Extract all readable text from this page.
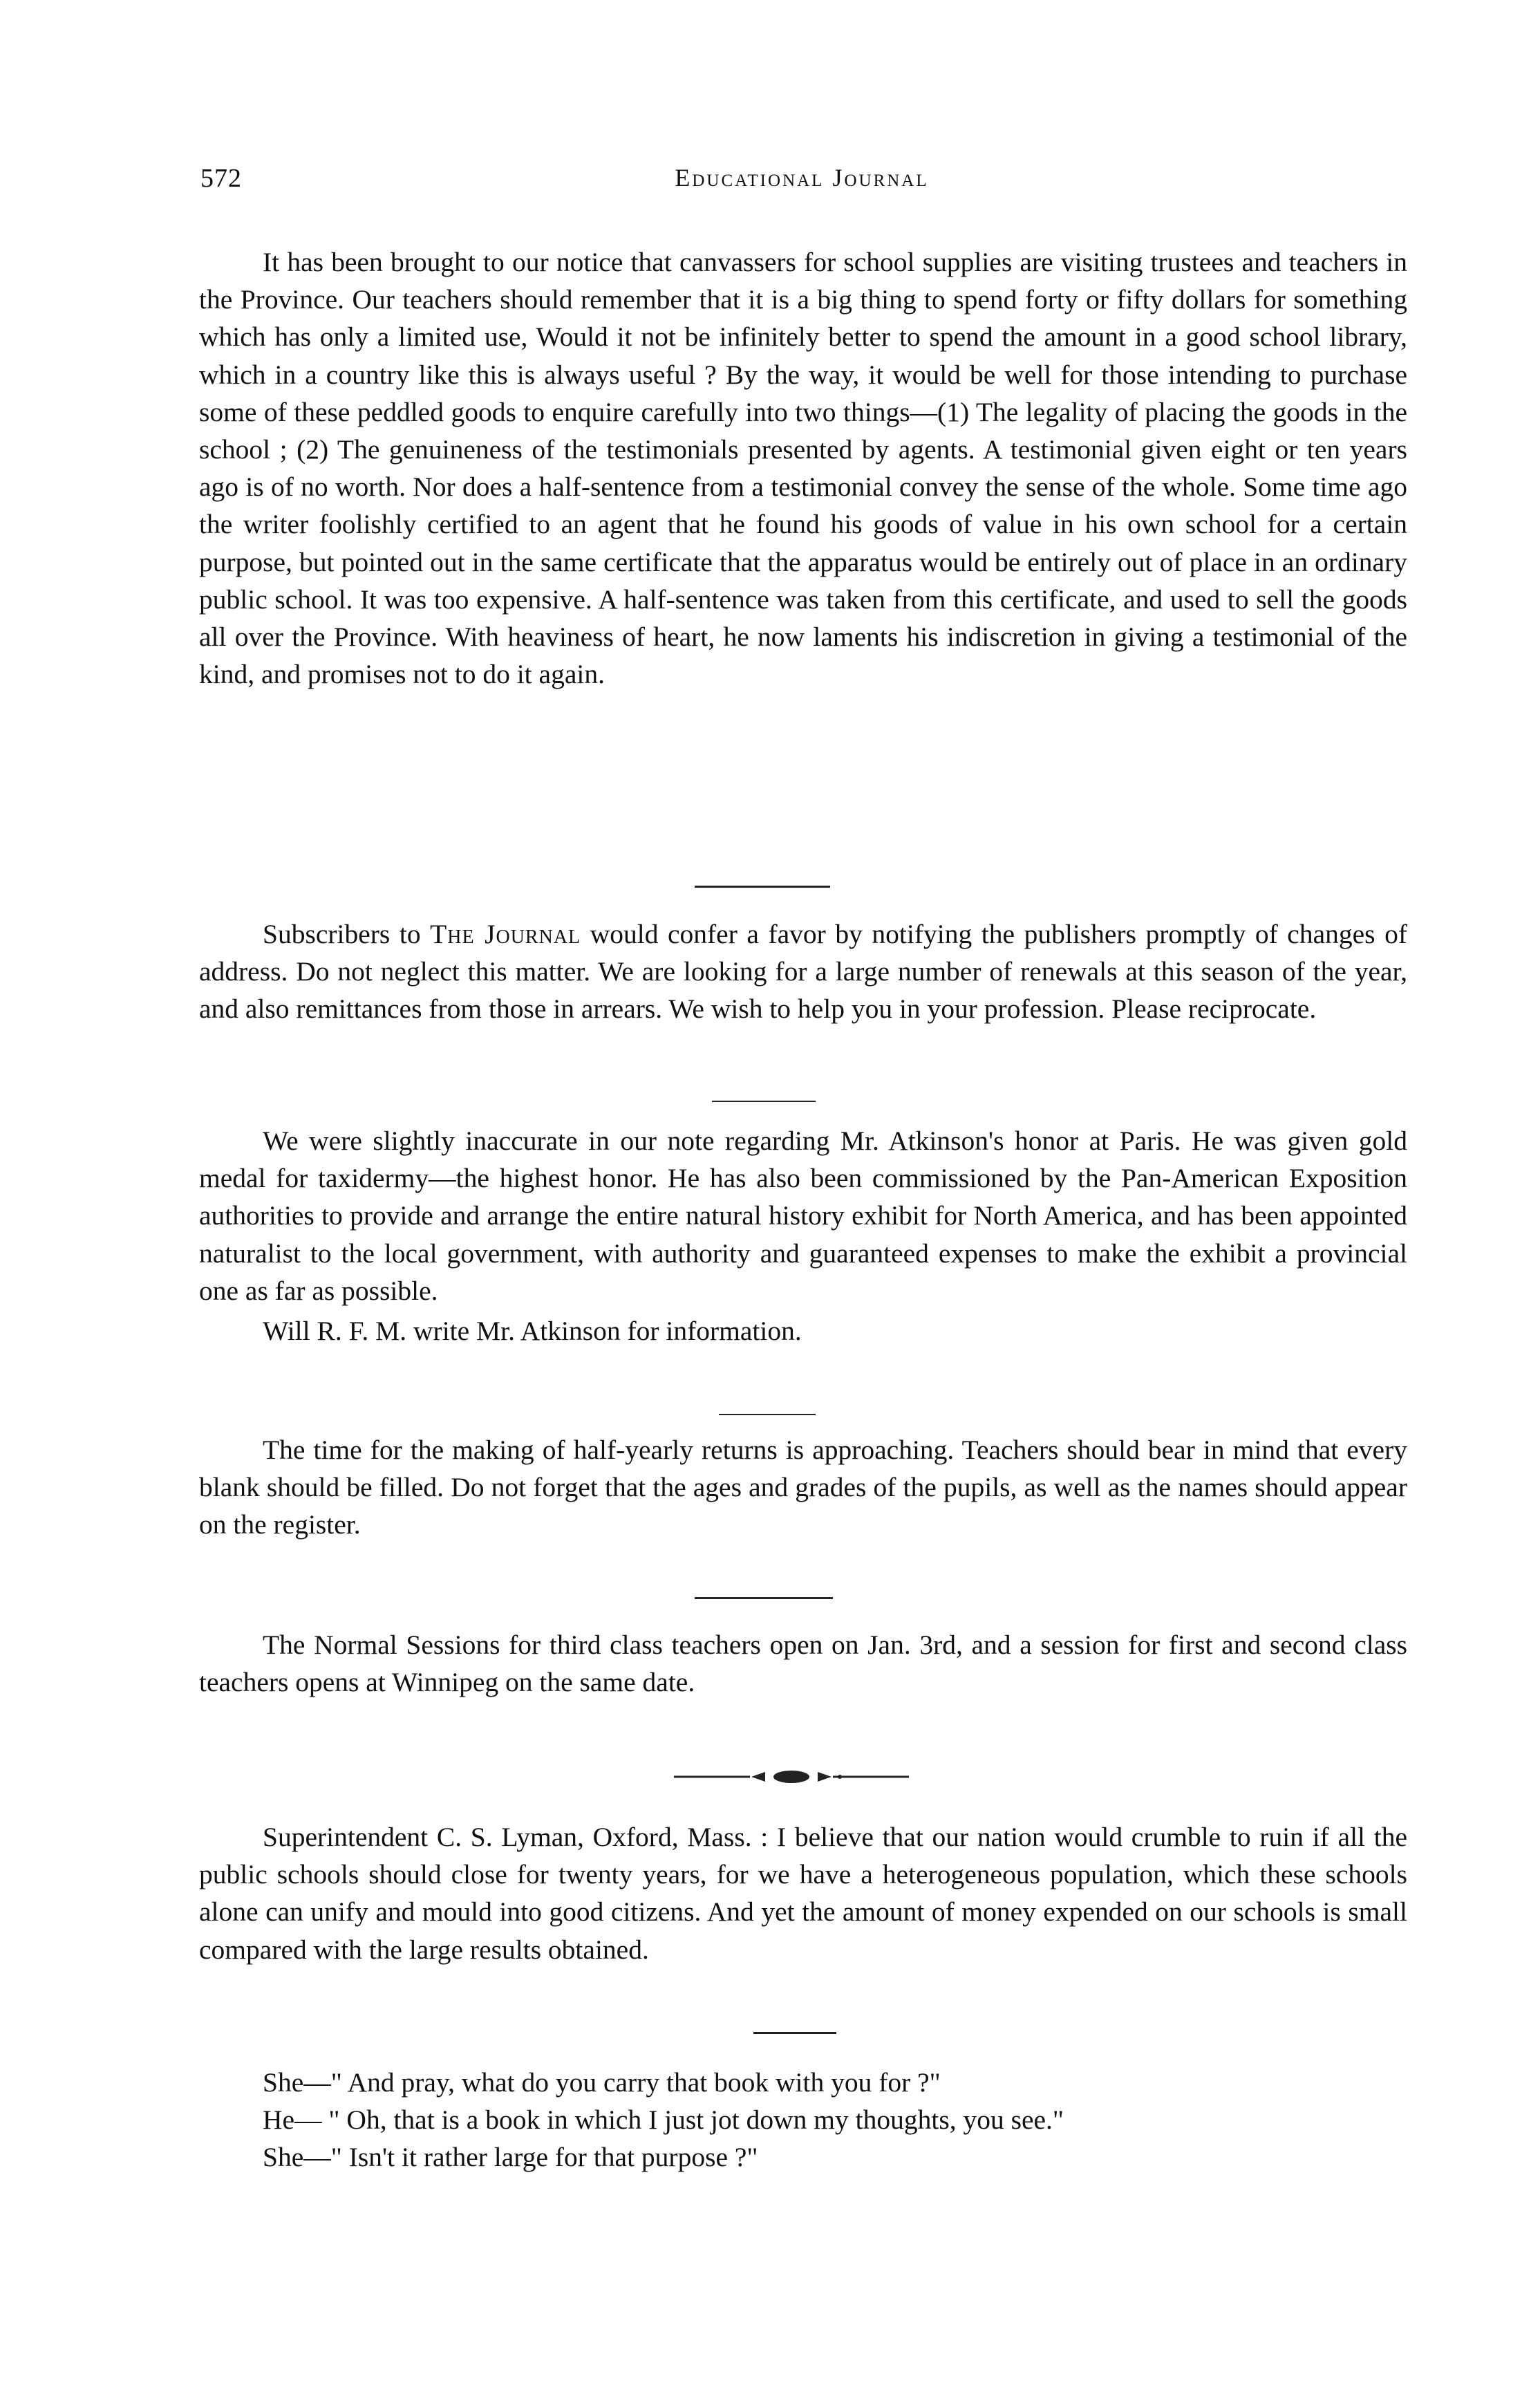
572	Educational Journal

It has been brought to our notice that canvassers for school supplies are visiting trustees and teachers in the Province. Our teachers should remember that it is a big thing to spend forty or fifty dollars for something which has only a limited use, Would it not be infinitely better to spend the amount in a good school library, which in a country like this is always useful ? By the way, it would be well for those intending to purchase some of these peddled goods to enquire carefully into two things—(1) The legality of placing the goods in the school ; (2) The genuineness of the testimonials presented by agents. A testimonial given eight or ten years ago is of no worth. Nor does a half-sentence from a testimonial convey the sense of the whole. Some time ago the writer foolishly certified to an agent that he found his goods of value in his own school for a certain purpose, but pointed out in the same certificate that the apparatus would be entirely out of place in an ordinary public school. It was too expensive. A half-sentence was taken from this certificate, and used to sell the goods all over the Province. With heaviness of heart, he now laments his indiscretion in giving a testimonial of the kind, and promises not to do it again.

Subscribers to The Journal would confer a favor by notifying the publishers promptly of changes of address. Do not neglect this matter. We are looking for a large number of renewals at this season of the year, and also remittances from those in arrears. We wish to help you in your profession. Please reciprocate.

We were slightly inaccurate in our note regarding Mr. Atkinson's honor at Paris. He was given gold medal for taxidermy—the highest honor. He has also been commissioned by the Pan-American Exposition authorities to provide and arrange the entire natural history exhibit for North America, and has been appointed naturalist to the local government, with authority and guaranteed expenses to make the exhibit a provincial one as far as possible.

Will R. F. M. write Mr. Atkinson for information.

The time for the making of half-yearly returns is approaching. Teachers should bear in mind that every blank should be filled. Do not forget that the ages and grades of the pupils, as well as the names should appear on the register.

The Normal Sessions for third class teachers open on Jan. 3rd, and a session for first and second class teachers opens at Winnipeg on the same date.

Superintendent C. S. Lyman, Oxford, Mass. : I believe that our nation would crumble to ruin if all the public schools should close for twenty years, for we have a heterogeneous population, which these schools alone can unify and mould into good citizens. And yet the amount of money expended on our schools is small compared with the large results obtained.

She—" And pray, what do you carry that book with you for ?"

He— " Oh, that is a book in which I just jot down my thoughts, you see."

She—" Isn't it rather large for that purpose ?"
